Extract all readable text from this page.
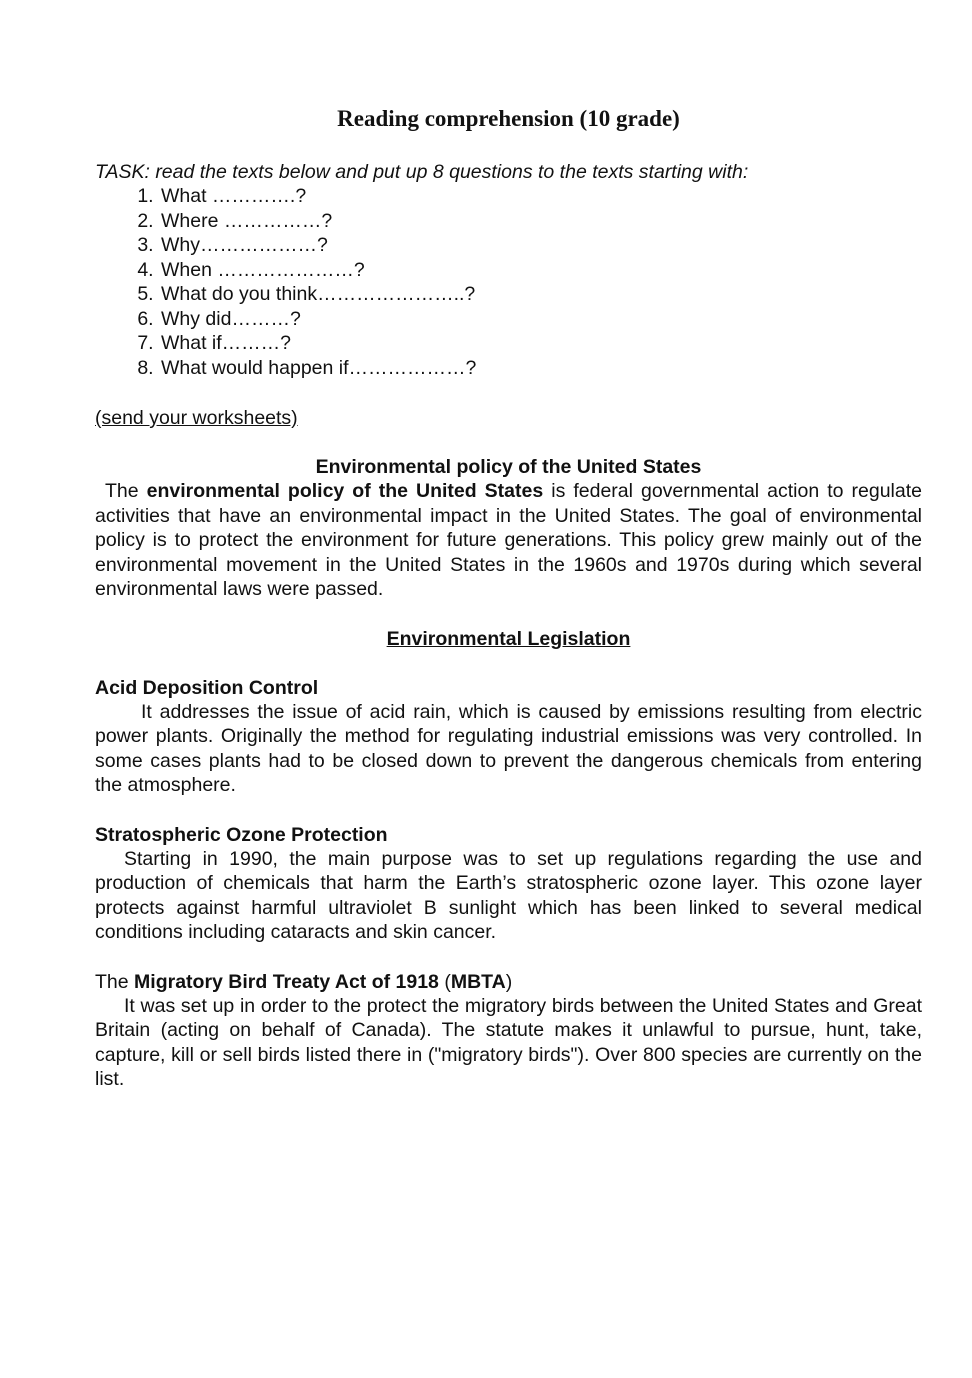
Reading comprehension (10 grade)

TASK: read the texts below and put up 8 questions to the texts starting with:

1. What ………….?
2. Where ……………?
3. Why………………?
4. When …………………?
5. What do you think…………………..?
6. Why did………?
7. What if………?
8. What would happen if………………?
(send your worksheets)
Environmental policy of the United States

The environmental policy of the United States is federal governmental action to regulate activities that have an environmental impact in the United States. The goal of environmental policy is to protect the environment for future generations. This policy grew mainly out of the environmental movement in the United States in the 1960s and 1970s during which several environmental laws were passed.

Environmental Legislation
Acid Deposition Control

It addresses the issue of acid rain, which is caused by emissions resulting from electric power plants. Originally the method for regulating industrial emissions was very controlled. In some cases plants had to be closed down to prevent the dangerous chemicals from entering the atmosphere.

Stratospheric Ozone Protection

Starting in 1990, the main purpose was to set up regulations regarding the use and production of chemicals that harm the Earth’s stratospheric ozone layer. This ozone layer protects against harmful ultraviolet B sunlight which has been linked to several medical conditions including cataracts and skin cancer.

The Migratory Bird Treaty Act of 1918 (MBTA)

It was set up in order to the protect the migratory birds between the United States and Great Britain (acting on behalf of Canada). The statute makes it unlawful to pursue, hunt, take, capture, kill or sell birds listed there in ("migratory birds"). Over 800 species are currently on the list.
